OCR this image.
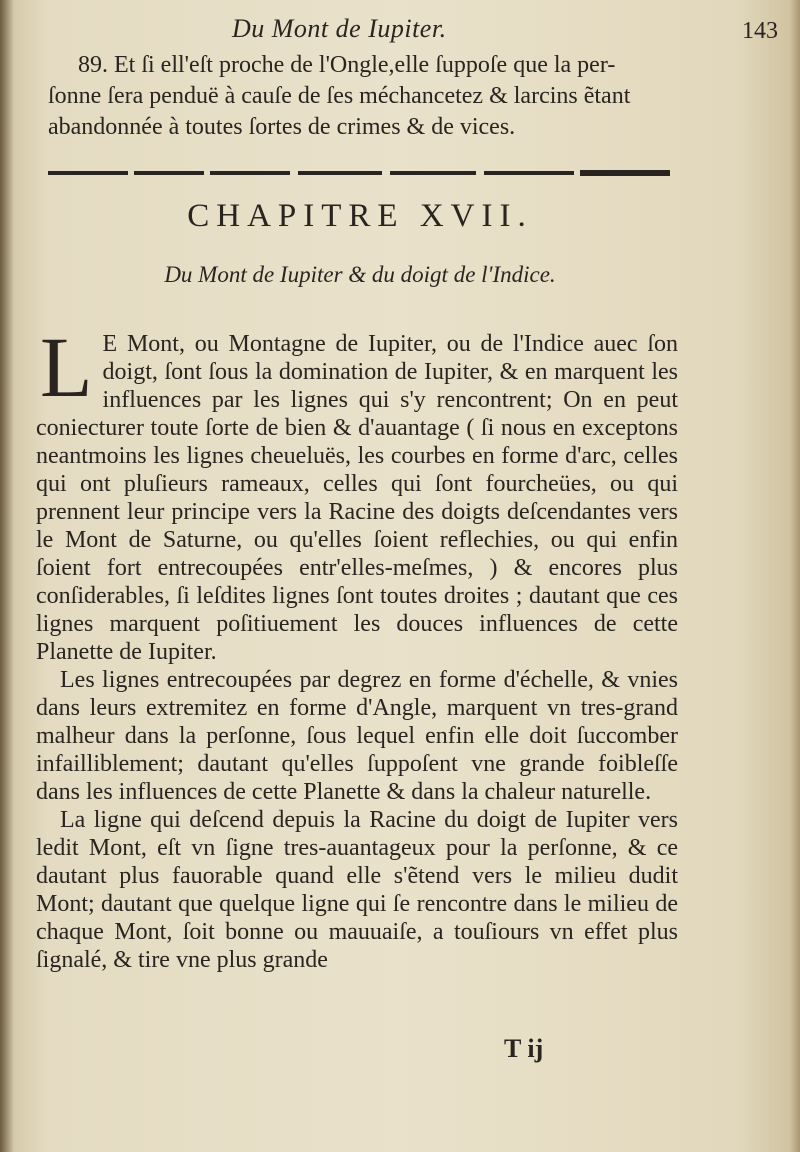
Du Mont de Iupiter.	143

89. Et ſi ell'eſt proche de l'Ongle,elle ſuppoſe que la per-

ſonne ſera penduë à cauſe de ſes méchancetez & larcins ẽtant

abandonnée à toutes ſortes de crimes & de vices.

CHAPITRE XVII.
Du Mont de Iupiter & du doigt de l'Indice.

L E Mont, ou Montagne de Iupiter, ou de l'Indice auec ſon doigt, ſont ſous la domination de Iupiter, & en marquent les influences par les lignes qui s'y rencontrent; On en peut coniecturer toute ſorte de bien & d'auantage ( ſi nous en exceptons neantmoins les lignes cheueluës, les courbes en forme d'arc, celles qui ont pluſieurs rameaux, celles qui ſont fourcheües, ou qui prennent leur principe vers la Racine des doigts deſcendantes vers le Mont de Saturne, ou qu'elles ſoient reflechies, ou qui enfin ſoient fort entrecoupées entr'elles-meſmes, ) & encores plus conſiderables, ſi leſdites lignes ſont toutes droites ; dautant que ces lignes marquent poſitiuement les douces influences de cette Planette de Iupiter.

Les lignes entrecoupées par degrez en forme d'échelle, & vnies dans leurs extremitez en forme d'Angle, marquent vn tres-grand malheur dans la perſonne, ſous lequel enfin elle doit ſuccomber infailliblement; dautant qu'elles ſuppoſent vne grande foibleſſe dans les influences de cette Planette & dans la chaleur naturelle.

La ligne qui deſcend depuis la Racine du doigt de Iupiter vers ledit Mont, eſt vn ſigne tres-auantageux pour la perſonne, & ce dautant plus fauorable quand elle s'ẽtend vers le milieu dudit Mont; dautant que quelque ligne qui ſe rencontre dans le milieu de chaque Mont, ſoit bonne ou mauuaiſe, a touſiours vn effet plus ſignalé, & tire vne plus grande

T ij
